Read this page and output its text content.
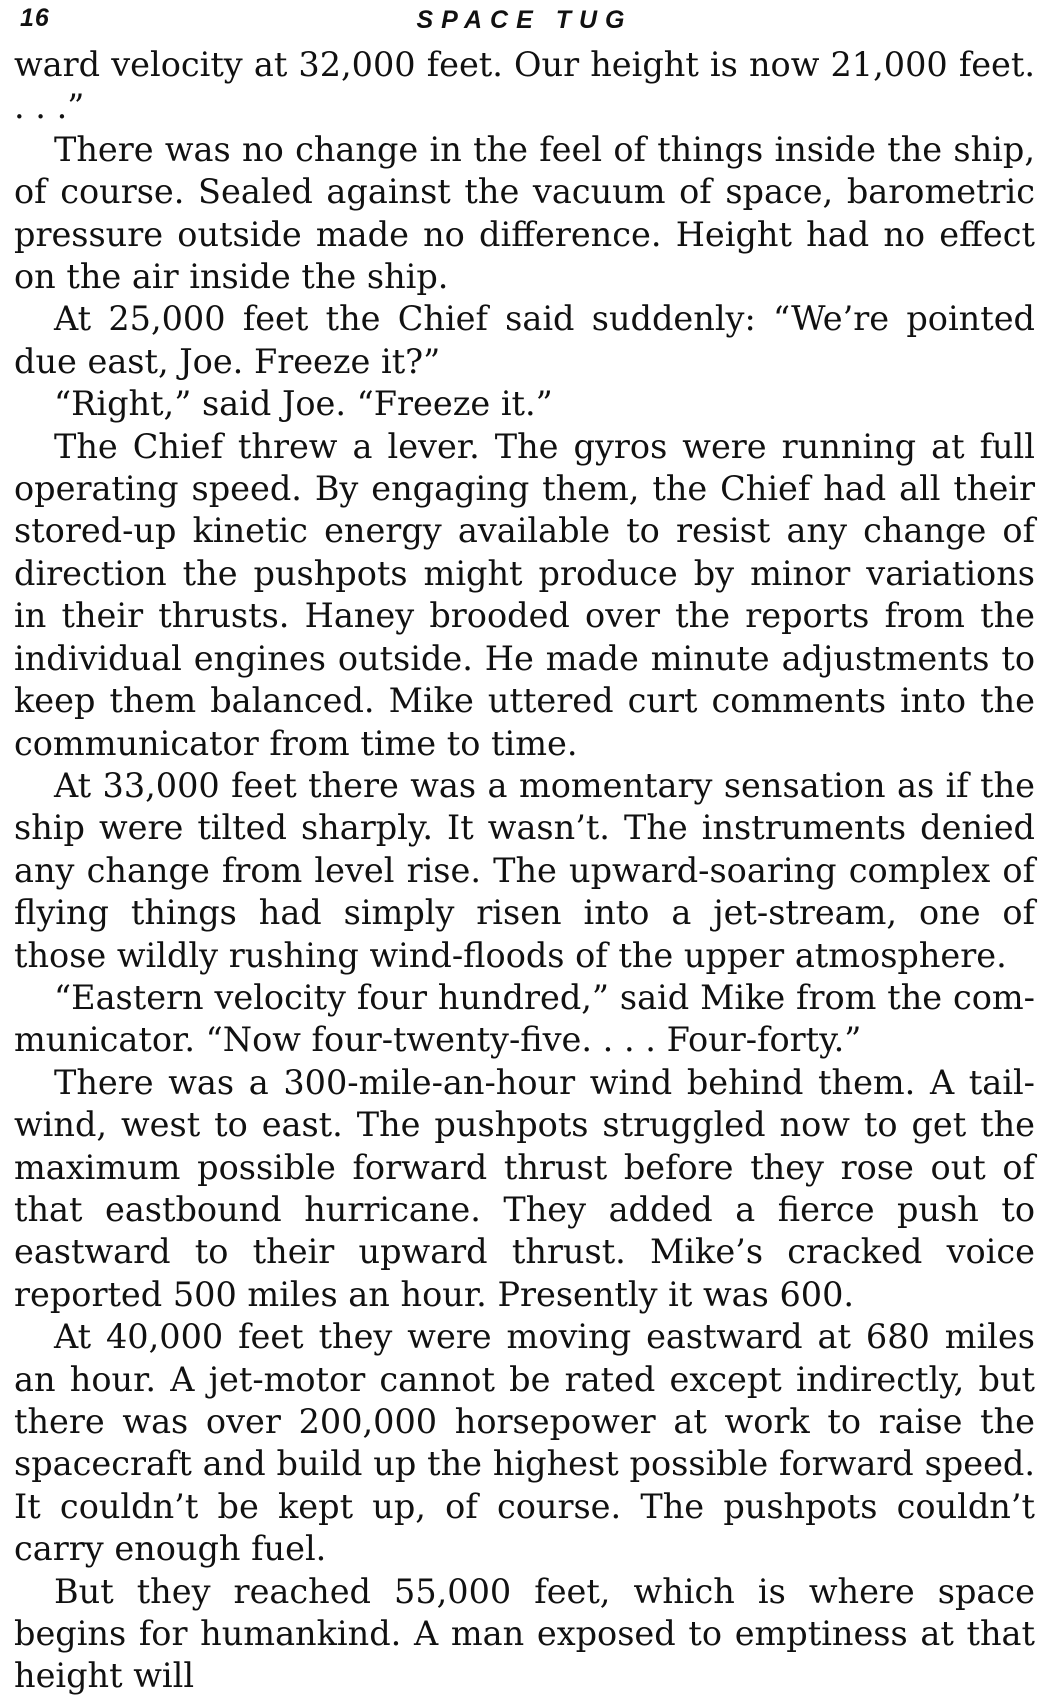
16	SPACE TUG

ward velocity at 32,000 feet. Our height is now 21,000 feet. . . .”

There was no change in the feel of things inside the ship, of course. Sealed against the vacuum of space, barometric pressure outside made no difference. Height had no effect on the air inside the ship.

At 25,000 feet the Chief said suddenly: “We’re pointed due east, Joe. Freeze it?”

“Right,” said Joe. “Freeze it.”

The Chief threw a lever. The gyros were running at full operating speed. By engaging them, the Chief had all their stored-up kinetic energy available to resist any change of direction the pushpots might produce by minor variations in their thrusts. Haney brooded over the reports from the individual engines outside. He made minute adjustments to keep them balanced. Mike uttered curt comments into the communicator from time to time.

At 33,000 feet there was a momentary sensation as if the ship were tilted sharply. It wasn’t. The instruments denied any change from level rise. The upward-soaring complex of flying things had simply risen into a jet-stream, one of those wildly rushing wind-floods of the upper atmosphere.

“Eastern velocity four hundred,” said Mike from the communicator. “Now four-twenty-five. . . . Four-forty.”

There was a 300-mile-an-hour wind behind them. A tailwind, west to east. The pushpots struggled now to get the maximum possible forward thrust before they rose out of that eastbound hurricane. They added a fierce push to eastward to their upward thrust. Mike’s cracked voice reported 500 miles an hour. Presently it was 600.

At 40,000 feet they were moving eastward at 680 miles an hour. A jet-motor cannot be rated except indirectly, but there was over 200,000 horsepower at work to raise the spacecraft and build up the highest possible forward speed. It couldn’t be kept up, of course. The pushpots couldn’t carry enough fuel.

But they reached 55,000 feet, which is where space begins for humankind. A man exposed to emptiness at that height will
